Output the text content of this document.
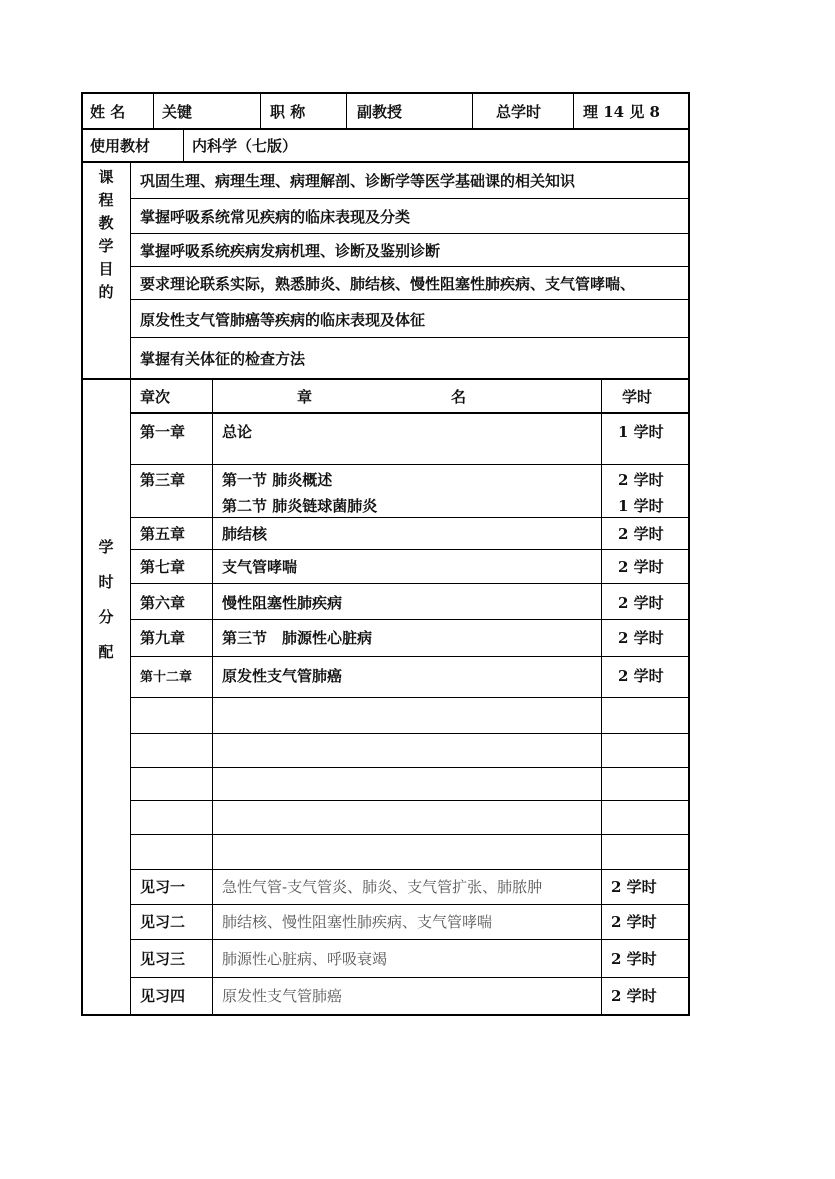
姓 名 关键	职 称	副教授	总学时	理 14 见 8
使用教材	内科学（七版）
课
程
教
学
目
的
巩固生理、病理生理、病理解剖、诊断学等医学基础课的相关知识
掌握呼吸系统常见疾病的临床表现及分类
掌握呼吸系统疾病发病机理、诊断及鉴别诊断
要求理论联系实际，熟悉肺炎、肺结核、慢性阻塞性肺疾病、支气管哮喘、
原发性支气管肺癌等疾病的临床表现及体征
掌握有关体征的检查方法
学
时
分
配
章次	章	名	学时
第一章 总论	1 学时
第三章 第一节 肺炎概述	2 学时
第二节 肺炎链球菌肺炎	1 学时
第五章 肺结核	2 学时
第七章 支气管哮喘	2 学时
第六章 慢性阻塞性肺疾病	2 学时
第九章 第三节　肺源性心脏病	2 学时
第十二章 原发性支气管肺癌	2 学时
见习一 急性气管-支气管炎、肺炎、支气管扩张、肺脓肿	2 学时
见习二 肺结核、慢性阻塞性肺疾病、支气管哮喘	2 学时
见习三 肺源性心脏病、呼吸衰竭	2 学时
见习四 原发性支气管肺癌	2 学时
